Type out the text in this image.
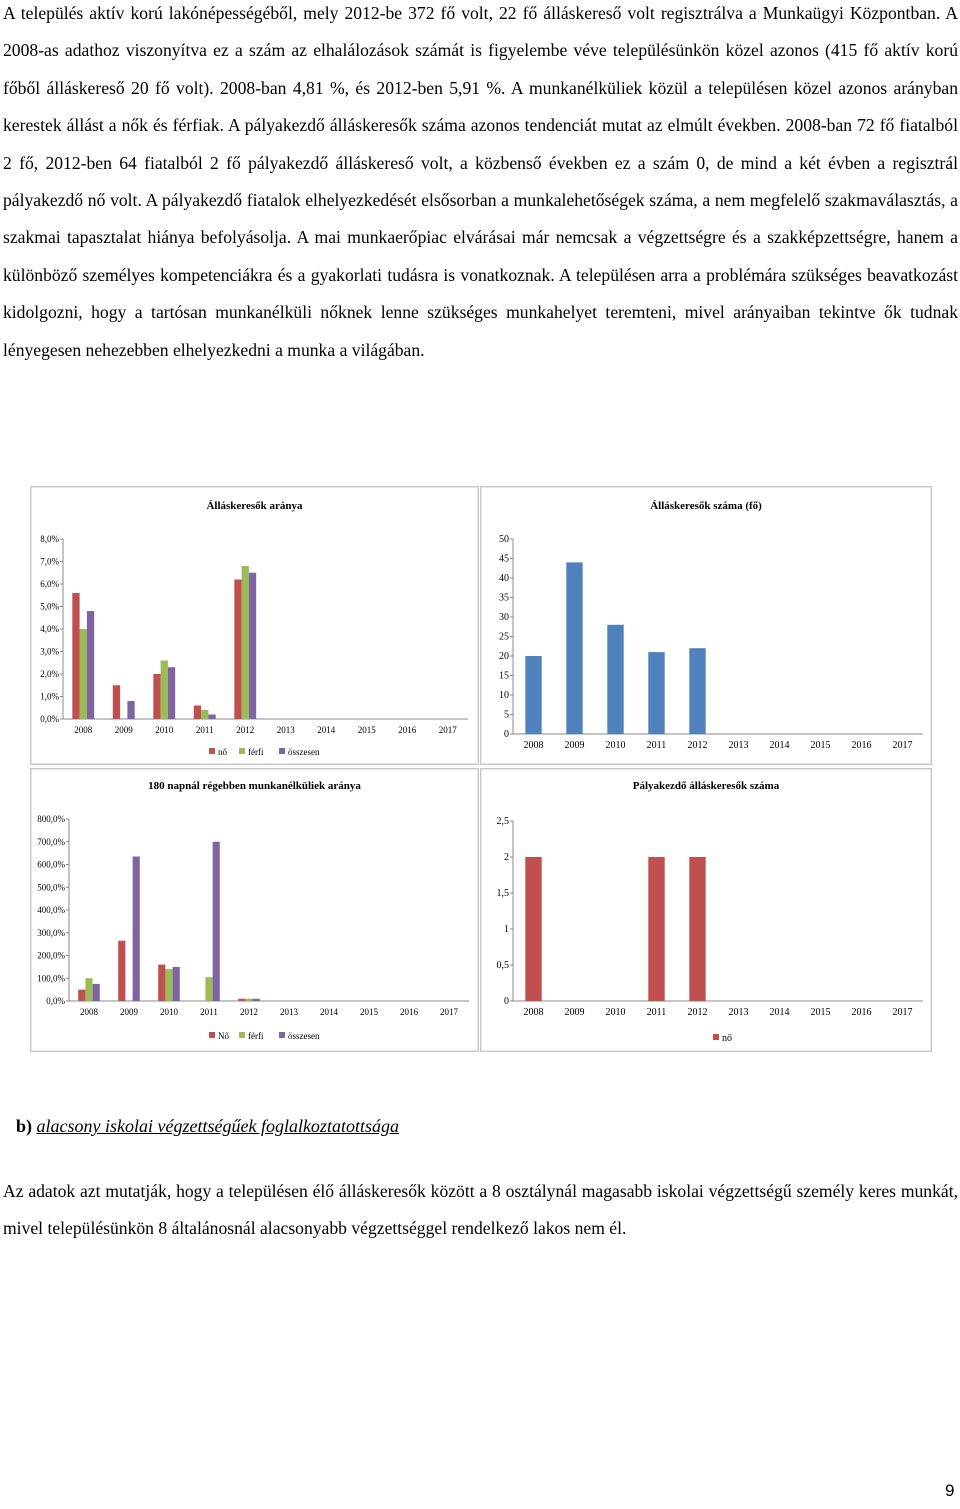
A település aktív korú lakónépességéből, mely 2012-be 372 fő volt, 22 fő álláskereső volt regisztrálva a Munkaügyi Központban. A 2008-as adathoz viszonyítva ez a szám az elhalálozások számát is figyelembe véve településünkön közel azonos (415 fő aktív korú főből álláskereső 20 fő volt). 2008-ban 4,81 %, és 2012-ben 5,91 %. A munkanélküliek közül a településen közel azonos arányban kerestek állást a nők és férfiak. A pályakezdő álláskeresők száma azonos tendenciát mutat az elmúlt években. 2008-ban 72 fő fiatalból 2 fő, 2012-ben 64 fiatalból 2 fő pályakezdő álláskereső volt, a közbenső években ez a szám 0, de mind a két évben a regisztrál pályakezdő nő volt. A pályakezdő fiatalok elhelyezkedését elsősorban a munkalehetőségek száma, a nem megfelelő szakmaválasztás, a szakmai tapasztalat hiánya befolyásolja. A mai munkaerőpiac elvárásai már nemcsak a végzettségre és a szakképzettségre, hanem a különböző személyes kompetenciákra és a gyakorlati tudásra is vonatkoznak. A településen arra a problémára szükséges beavatkozást kidolgozni, hogy a tartósan munkanélküli nőknek lenne szükséges munkahelyet teremteni, mivel arányaiban tekintve ők tudnak lényegesen nehezebben elhelyezkedni a munka a világában.

Álláskeresők aránya
0,0%
1,0%
2,0%
3,0%
4,0%
5,0%
6,0%
7,0%
8,0%
2008	2009	2010	2011	2012	2013	2014	2015	2016	2017
nő férfi	összesen
Álláskeresők száma (fő)
0
5
10
15
20
25
30
35
40
45
50
2008 2009 2010 2011 2012 2013 2014 2015 2016 2017
180 napnál régebben munkanélküliek aránya
0,0%
100,0%
200,0%
300,0%
400,0%
500,0%
600,0%
700,0%
800,0%
2008 2009 2010 2011 2012 2013 2014 2015 2016 2017
Nő férfi	összesen
Pályakezdő álláskeresők száma
0
0,5
1
1,5
2
2,5
2008 2009 2010 2011 2012 2013 2014 2015 2016 2017
nő

b) alacsony iskolai végzettségűek foglalkoztatottsága

Az adatok azt mutatják, hogy a településen élő álláskeresők között a 8 osztálynál magasabb iskolai végzettségű személy keres munkát, mivel településünkön 8 általánosnál alacsonyabb végzettséggel rendelkező lakos nem él.

9
